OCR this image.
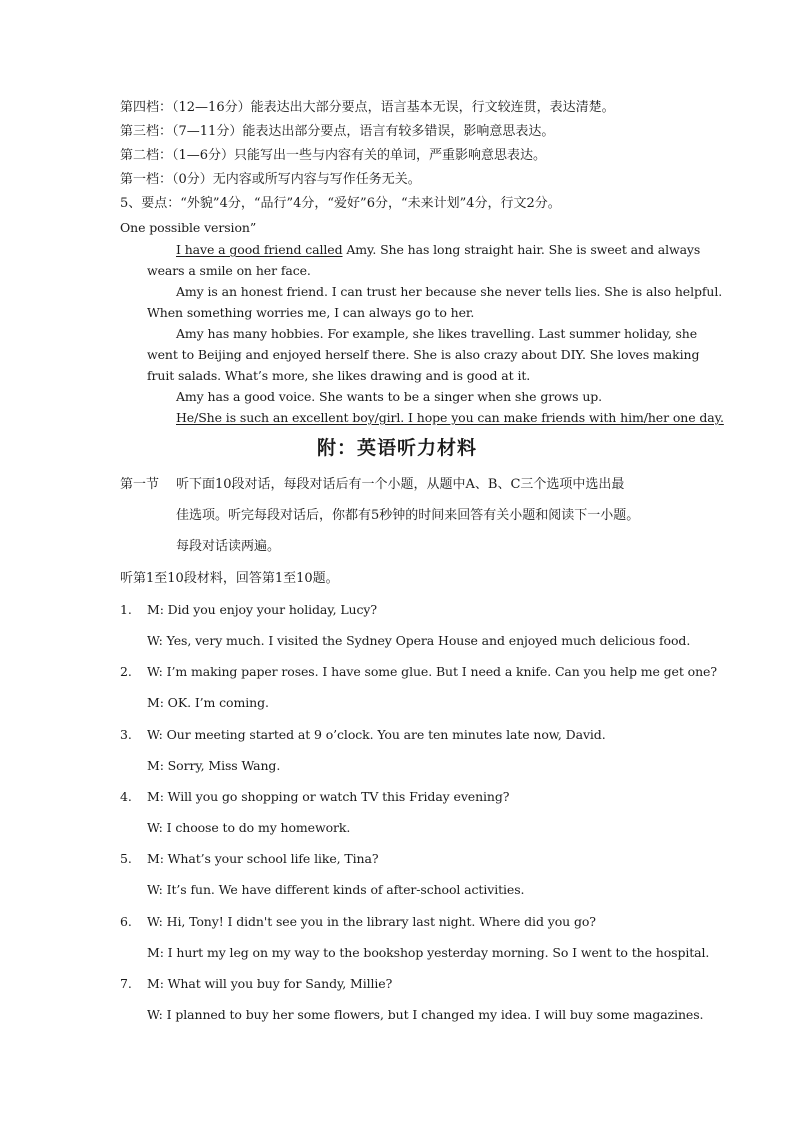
第四档：（12—16分）能表达出大部分要点，语言基本无误，行文较连贯，表达清楚。
第三档：（7—11分）能表达出部分要点，语言有较多错误，影响意思表达。
第二档：（1—6分）只能写出一些与内容有关的单词，严重影响意思表达。
第一档：（0分）无内容或所写内容与写作任务无关。
5、要点：“外貌”4分，“品行”4分，“爱好”6分，“未来计划”4分，行文2分。
One possible version”
I have a good friend called Amy. She has long straight hair. She is sweet and always
wears a smile on her face.
Amy is an honest friend. I can trust her because she never tells lies. She is also helpful.
When something worries me, I can always go to her.
Amy has many hobbies. For example, she likes travelling. Last summer holiday, she
went to Beijing and enjoyed herself there. She is also crazy about DIY. She loves making
fruit salads. What’s more, she likes drawing and is good at it.
Amy has a good voice. She wants to be a singer when she grows up.
He/She is such an excellent boy/girl. I hope you can make friends with him/her one day.
附：英语听力材料
第一节 听下面10段对话，每段对话后有一个小题，从题中A、B、C三个选项中选出最
佳选项。听完每段对话后，你都有5秒钟的时间来回答有关小题和阅读下一小题。
每段对话读两遍。
听第1至10段材料，回答第1至10题。
1. M: Did you enjoy your holiday, Lucy?
W: Yes, very much. I visited the Sydney Opera House and enjoyed much delicious food.
2. W: I’m making paper roses. I have some glue. But I need a knife. Can you help me get one?
M: OK. I’m coming.
3. W: Our meeting started at 9 o’clock. You are ten minutes late now, David.
M: Sorry, Miss Wang.
4. M: Will you go shopping or watch TV this Friday evening?
W: I choose to do my homework.
5. M: What’s your school life like, Tina?
W: It’s fun. We have different kinds of after-school activities.
6. W: Hi, Tony! I didn't see you in the library last night. Where did you go?
M: I hurt my leg on my way to the bookshop yesterday morning. So I went to the hospital.
7. M: What will you buy for Sandy, Millie?
W: I planned to buy her some flowers, but I changed my idea. I will buy some magazines.
